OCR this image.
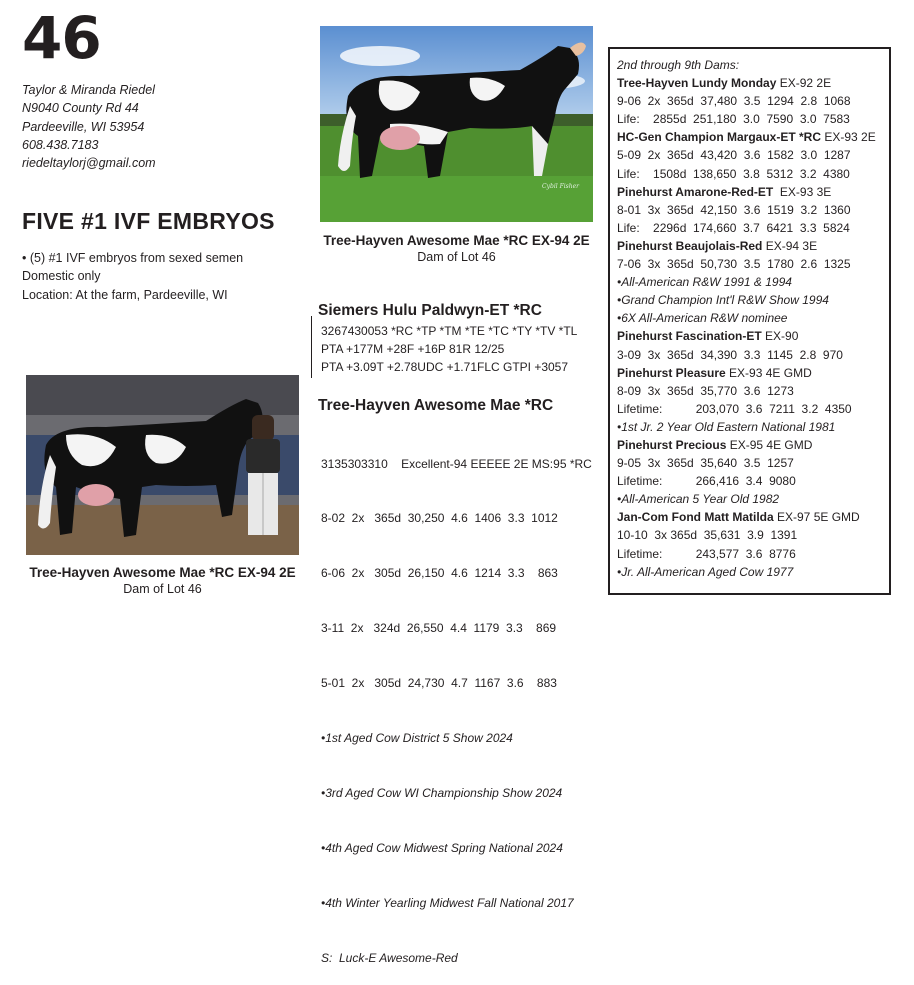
46
Taylor & Miranda Riedel
N9040 County Rd 44
Pardeeville, WI 53954
608.438.7183
riedeltaylorj@gmail.com
FIVE #1 IVF EMBRYOS
• (5) #1 IVF embryos from sexed semen
Domestic only
Location: At the farm, Pardeeville, WI
Cybil Fisher
Tree-Hayven Awesome Mae *RC EX-94 2E
Dam of Lot 46
Tree-Hayven Awesome Mae *RC EX-94 2E
Dam of Lot 46
Siemers Hulu Paldwyn-ET *RC
3267430053 *RC *TP *TM *TE *TC *TY *TV *TL
PTA +177M +28F +16P 81R 12/25
PTA +3.09T +2.78UDC +1.71FLC GTPI +3057
Tree-Hayven Awesome Mae *RC

3135303310    Excellent-94 EEEEE 2E MS:95 *RC

8-02  2x   365d  30,250  4.6  1406  3.3  1012

6-06  2x   305d  26,150  4.6  1214  3.3    863

3-11  2x   324d  26,550  4.4  1179  3.3    869

5-01  2x   305d  24,730  4.7  1167  3.6    883

•1st Aged Cow District 5 Show 2024

•3rd Aged Cow WI Championship Show 2024

•4th Aged Cow Midwest Spring National 2024

•4th Winter Yearling Midwest Fall National 2017

S:  Luck-E Awesome-Red

2nd through 9th Dams:
Tree-Hayven Lundy Monday EX-92 2E
9-06  2x  365d  37,480  3.5  1294  2.8  1068
Life:    2855d  251,180  3.0  7590  3.0  7583
HC-Gen Champion Margaux-ET *RC EX-93 2E
5-09  2x  365d  43,420  3.6  1582  3.0  1287
Life:    1508d  138,650  3.8  5312  3.2  4380
Pinehurst Amarone-Red-ET  EX-93 3E
8-01  3x  365d  42,150  3.6  1519  3.2  1360
Life:    2296d  174,660  3.7  6421  3.3  5824
Pinehurst Beaujolais-Red EX-94 3E
7-06  3x  365d  50,730  3.5  1780  2.6  1325
•All-American R&W 1991 & 1994
•Grand Champion Int'l R&W Show 1994
•6X All-American R&W nominee
Pinehurst Fascination-ET EX-90
3-09  3x  365d  34,390  3.3  1145  2.8  970
Pinehurst Pleasure EX-93 4E GMD
8-09  3x  365d  35,770  3.6  1273
Lifetime:          203,070  3.6  7211  3.2  4350
•1st Jr. 2 Year Old Eastern National 1981
Pinehurst Precious EX-95 4E GMD
9-05  3x  365d  35,640  3.5  1257
Lifetime:          266,416  3.4  9080
•All-American 5 Year Old 1982
Jan-Com Fond Matt Matilda EX-97 5E GMD
10-10  3x 365d  35,631  3.9  1391
Lifetime:          243,577  3.6  8776
•Jr. All-American Aged Cow 1977
